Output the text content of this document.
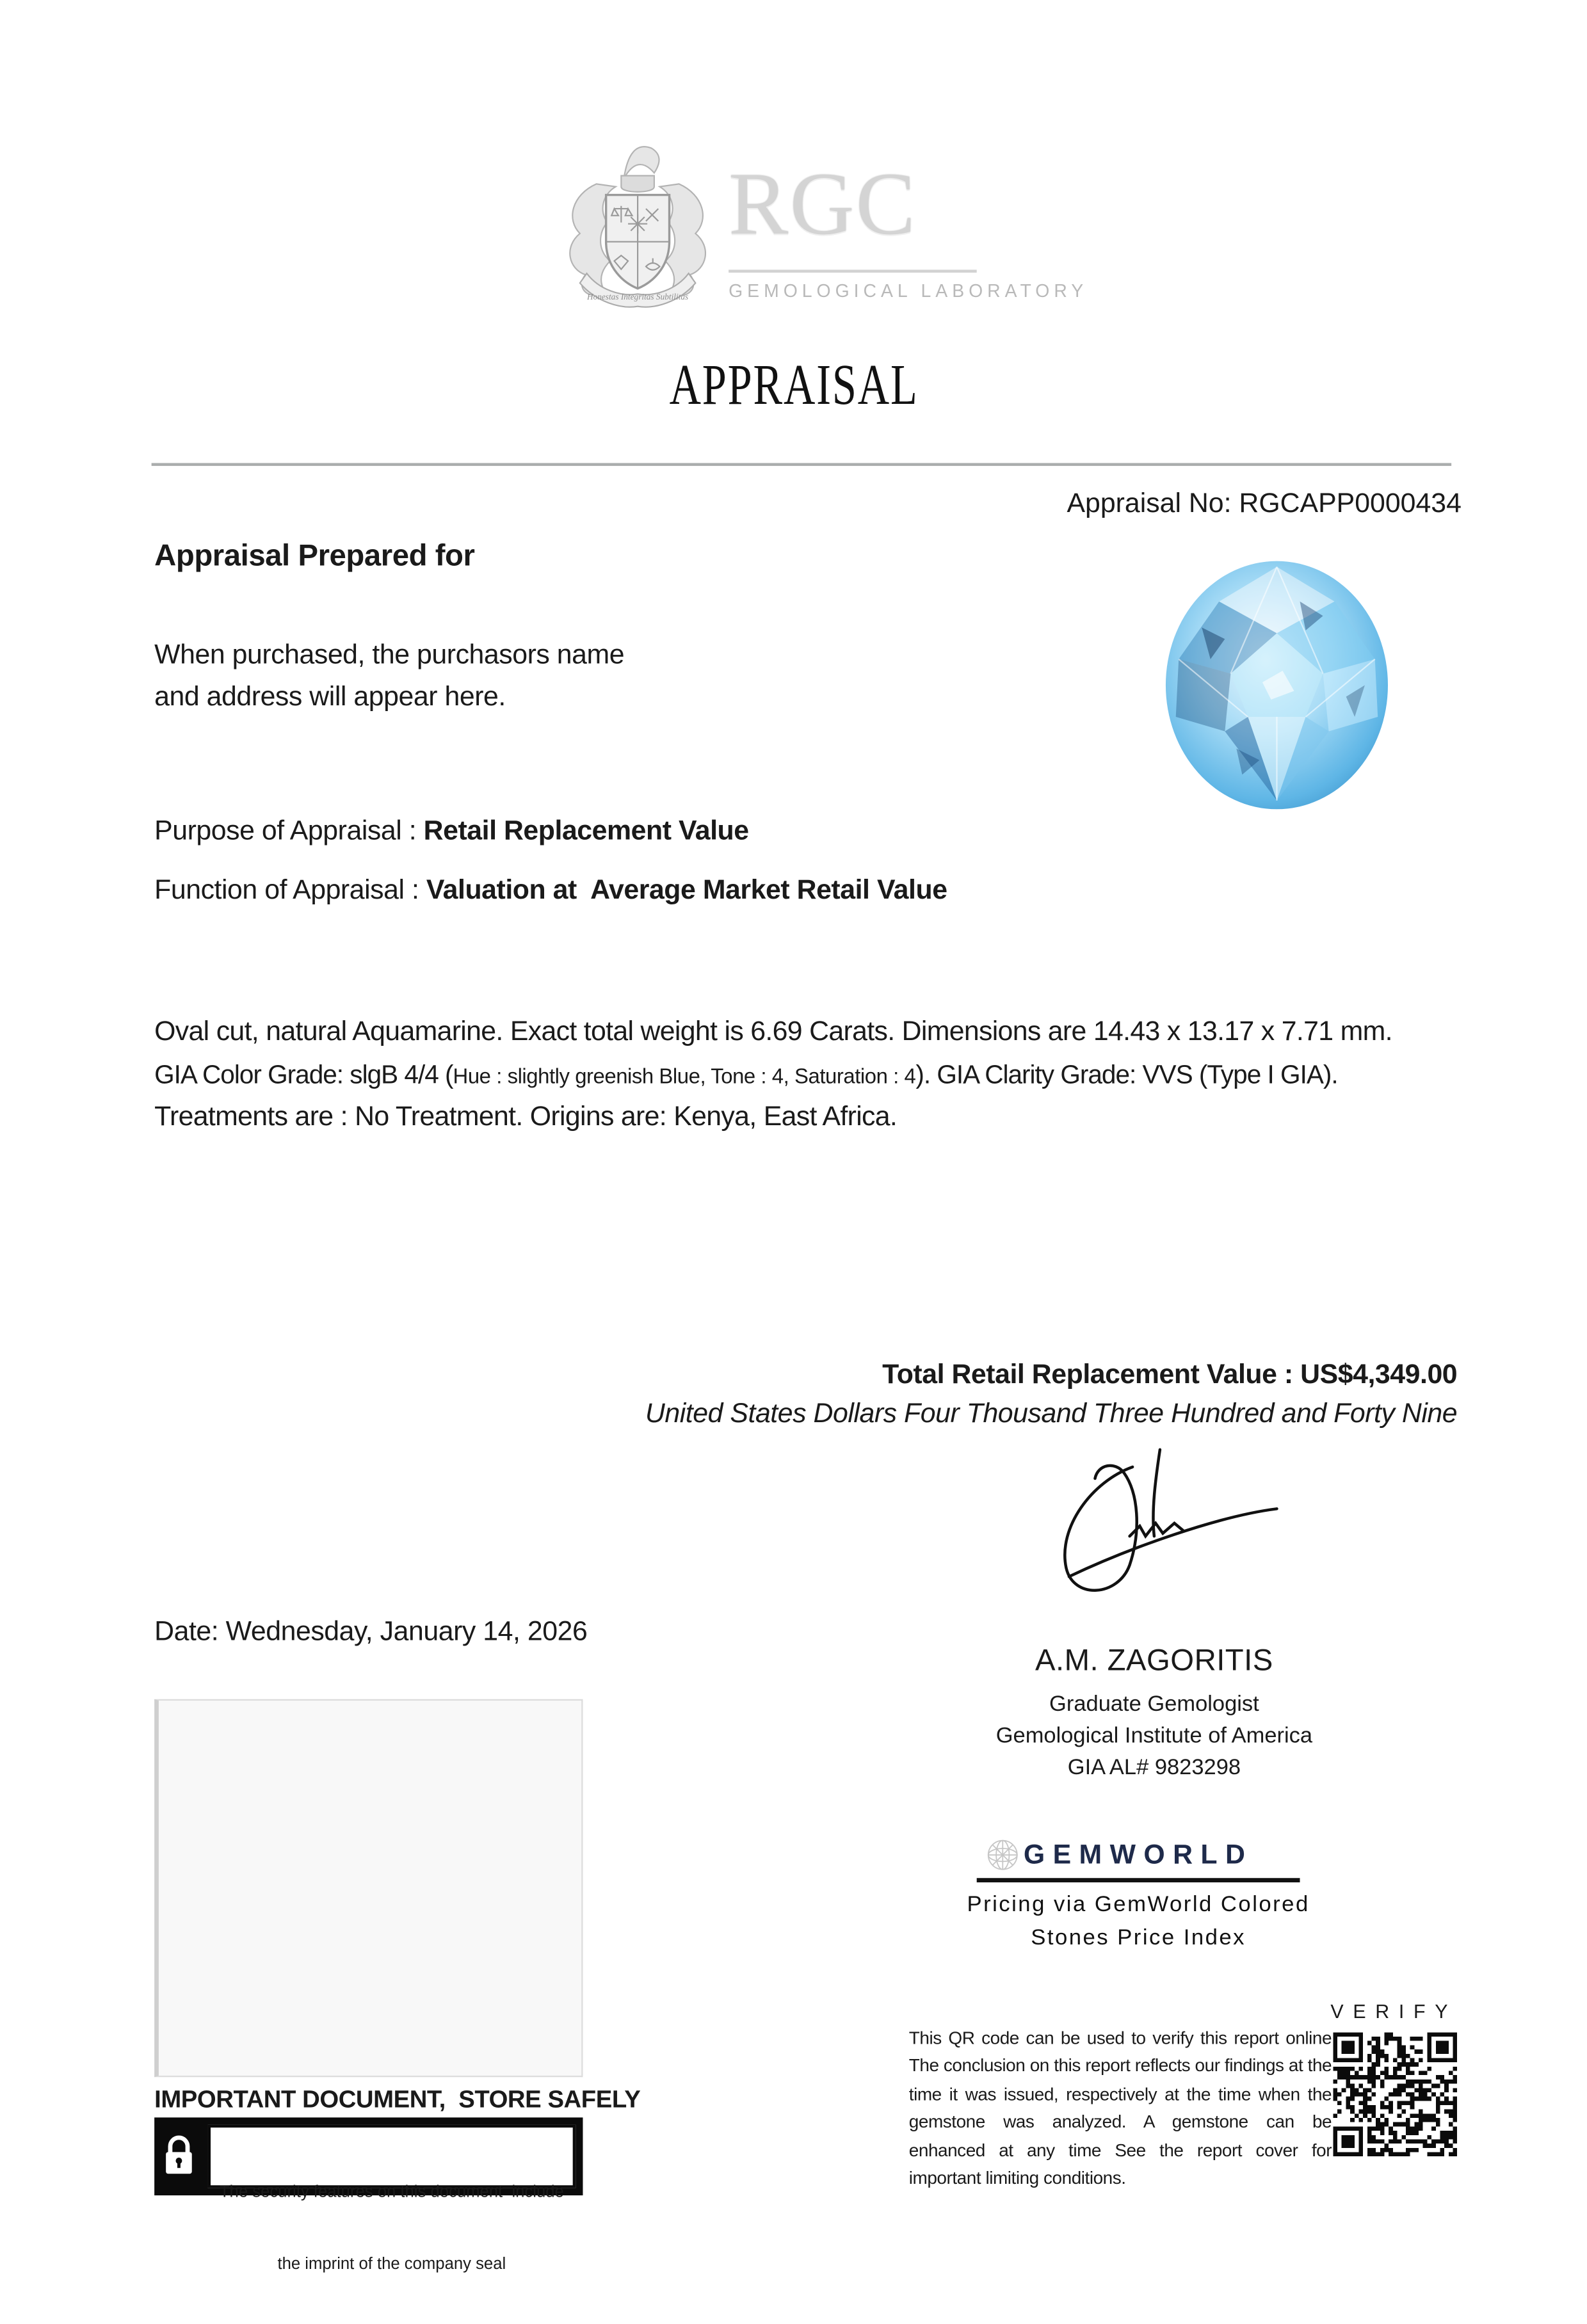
Honestas Integritas Subtilitas
RGC
GEMOLOGICAL LABORATORY
APPRAISAL
Appraisal No: RGCAPP0000434
Appraisal Prepared for
When purchased, the purchasors name
and address will appear here.
Purpose of Appraisal : Retail Replacement Value
Function of Appraisal : Valuation at  Average Market Retail Value
Oval cut, natural Aquamarine. Exact total weight is 6.69 Carats. Dimensions are 14.43 x 13.17 x 7.71 mm.
GIA Color Grade: slgB 4/4 (Hue : slightly greenish Blue, Tone : 4, Saturation : 4). GIA Clarity Grade: VVS (Type I GIA).
Treatments are : No Treatment. Origins are: Kenya, East Africa.
Total Retail Replacement Value : US$4,349.00
United States Dollars Four Thousand Three Hundred and Forty Nine
Date: Wednesday, January 14, 2026
A.M. ZAGORITIS
Graduate Gemologist
Gemological Institute of America
GIA AL# 9823298
GEMWORLD
Pricing via GemWorld Colored
Stones Price Index
VERIFY
This QR code can be used to verify this report online The conclusion on this report reflects our findings at the time it was issued, respectively at the time when the gemstone was analyzed. A gemstone can be enhanced at any time See the report cover for important limiting conditions.
IMPORTANT DOCUMENT,  STORE SAFELY

The security features on this document  include

the imprint of the company seal
